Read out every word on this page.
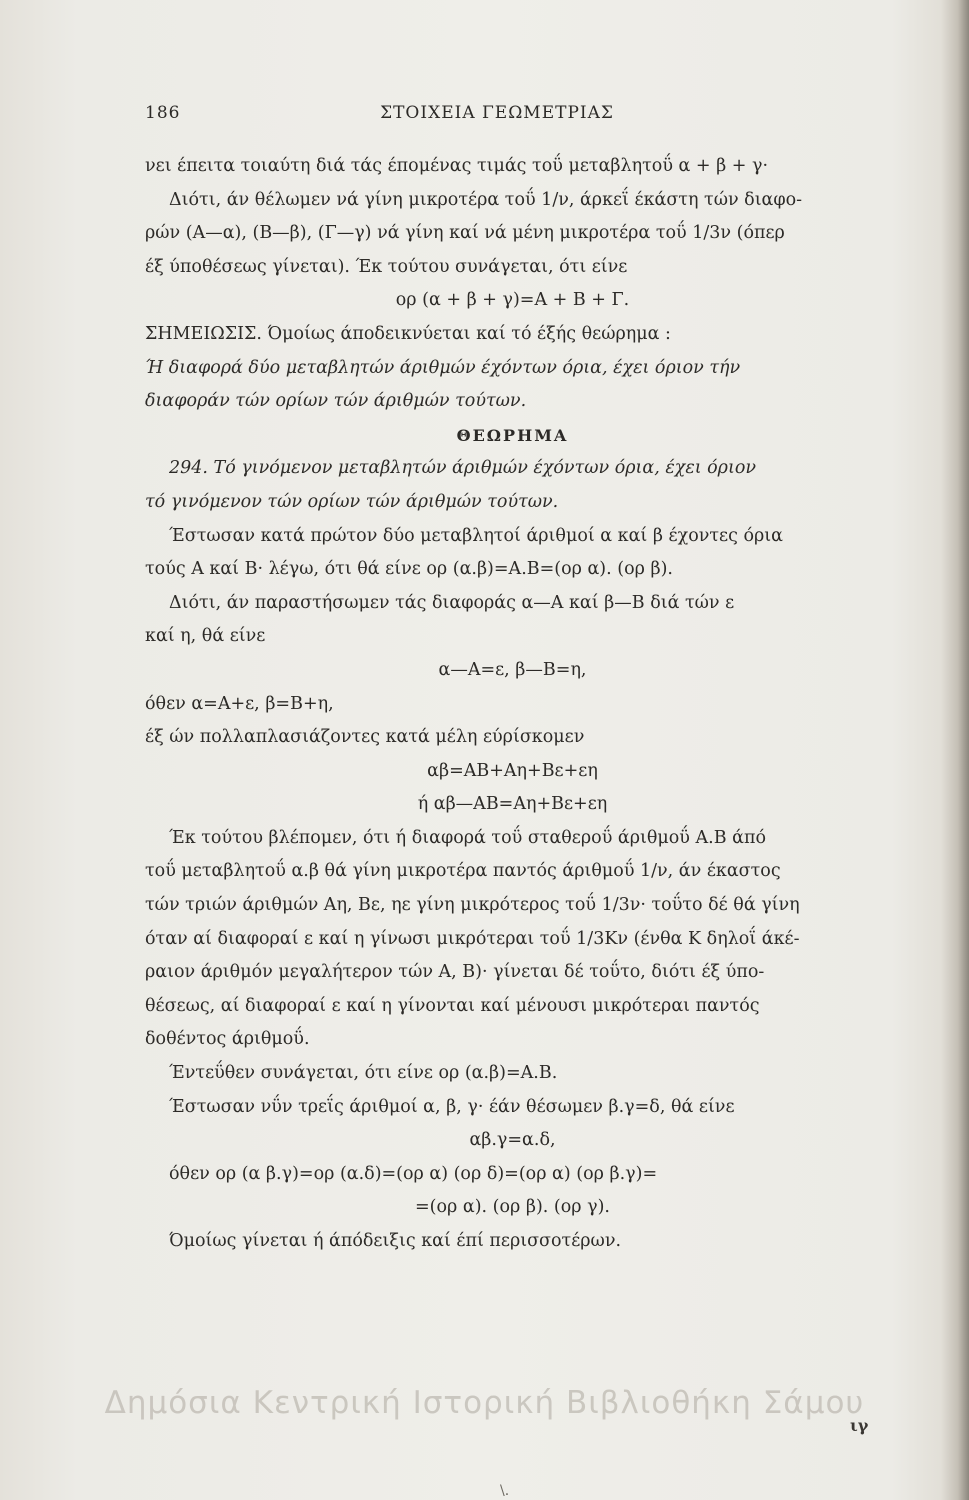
186	ΣΤΟΙΧΕΙΑ ΓΕΩΜΕΤΡΙΑΣ
νει έπειτα τοιαύτη διά τάς έπομένας τιμάς τοΰ μεταβλητοΰ α + β + γ·
Διότι, άν θέλωμεν νά γίνη μικροτέρα τοΰ 1/ν, άρκεΐ έκάστη τών διαφο-
ρών (Α—α), (Β—β), (Γ—γ) νά γίνη καί νά μένη μικροτέρα τοΰ 1/3ν (όπερ
έξ ύποθέσεως γίνεται). Έκ τούτου συνάγεται, ότι είνε
ορ (α + β + γ)=Α + Β + Γ.
ΣΗΜΕΙΩΣΙΣ. Όμοίως άποδεικνύεται καί τό έξής θεώρημα :
Ή διαφορά δύο μεταβλητών άριθμών έχόντων όρια, έχει όριον τήν
διαφοράν τών ορίων τών άριθμών τούτων.
ΘΕΩΡΗΜΑ
294. Τό γινόμενον μεταβλητών άριθμών έχόντων όρια, έχει όριον
τό γινόμενον τών ορίων τών άριθμών τούτων.
Έστωσαν κατά πρώτον δύο μεταβλητοί άριθμοί α καί β έχοντες όρια
τούς Α καί Β· λέγω, ότι θά είνε ορ (α.β)=Α.Β=(ορ α). (ορ β).
Διότι, άν παραστήσωμεν τάς διαφοράς α—Α καί β—Β διά τών ε
καί η, θά είνε
α—Α=ε, β—Β=η,
όθεν α=Α+ε, β=Β+η,
έξ ών πολλαπλασιάζοντες κατά μέλη εύρίσκομεν
αβ=ΑΒ+Αη+Βε+εη
ή αβ—ΑΒ=Αη+Βε+εη
Έκ τούτου βλέπομεν, ότι ή διαφορά τοΰ σταθεροΰ άριθμοΰ Α.Β άπό
τοΰ μεταβλητοΰ α.β θά γίνη μικροτέρα παντός άριθμοΰ 1/ν, άν έκαστος
τών τριών άριθμών Αη, Βε, ηε γίνη μικρότερος τοΰ 1/3ν· τοΰτο δέ θά γίνη
όταν αί διαφοραί ε καί η γίνωσι μικρότεραι τοΰ 1/3Κν (ένθα Κ δηλοΐ άκέ-
ραιον άριθμόν μεγαλήτερον τών Α, Β)· γίνεται δέ τοΰτο, διότι έξ ύπο-
θέσεως, αί διαφοραί ε καί η γίνονται καί μένουσι μικρότεραι παντός
δοθέντος άριθμοΰ.
Έντεΰθεν συνάγεται, ότι είνε ορ (α.β)=Α.Β.
Έστωσαν νΰν τρεΐς άριθμοί α, β, γ· έάν θέσωμεν β.γ=δ, θά είνε
αβ.γ=α.δ,
όθεν ορ (α β.γ)=ορ (α.δ)=(ορ α) (ορ δ)=(ορ α) (ορ β.γ)=
=(ορ α). (ορ β). (ορ γ).
Όμοίως γίνεται ή άπόδειξις καί έπί περισσοτέρων.
ιγ
\.
Δημόσια Κεντρική Ιστορική Βιβλιοθήκη Σάμου
